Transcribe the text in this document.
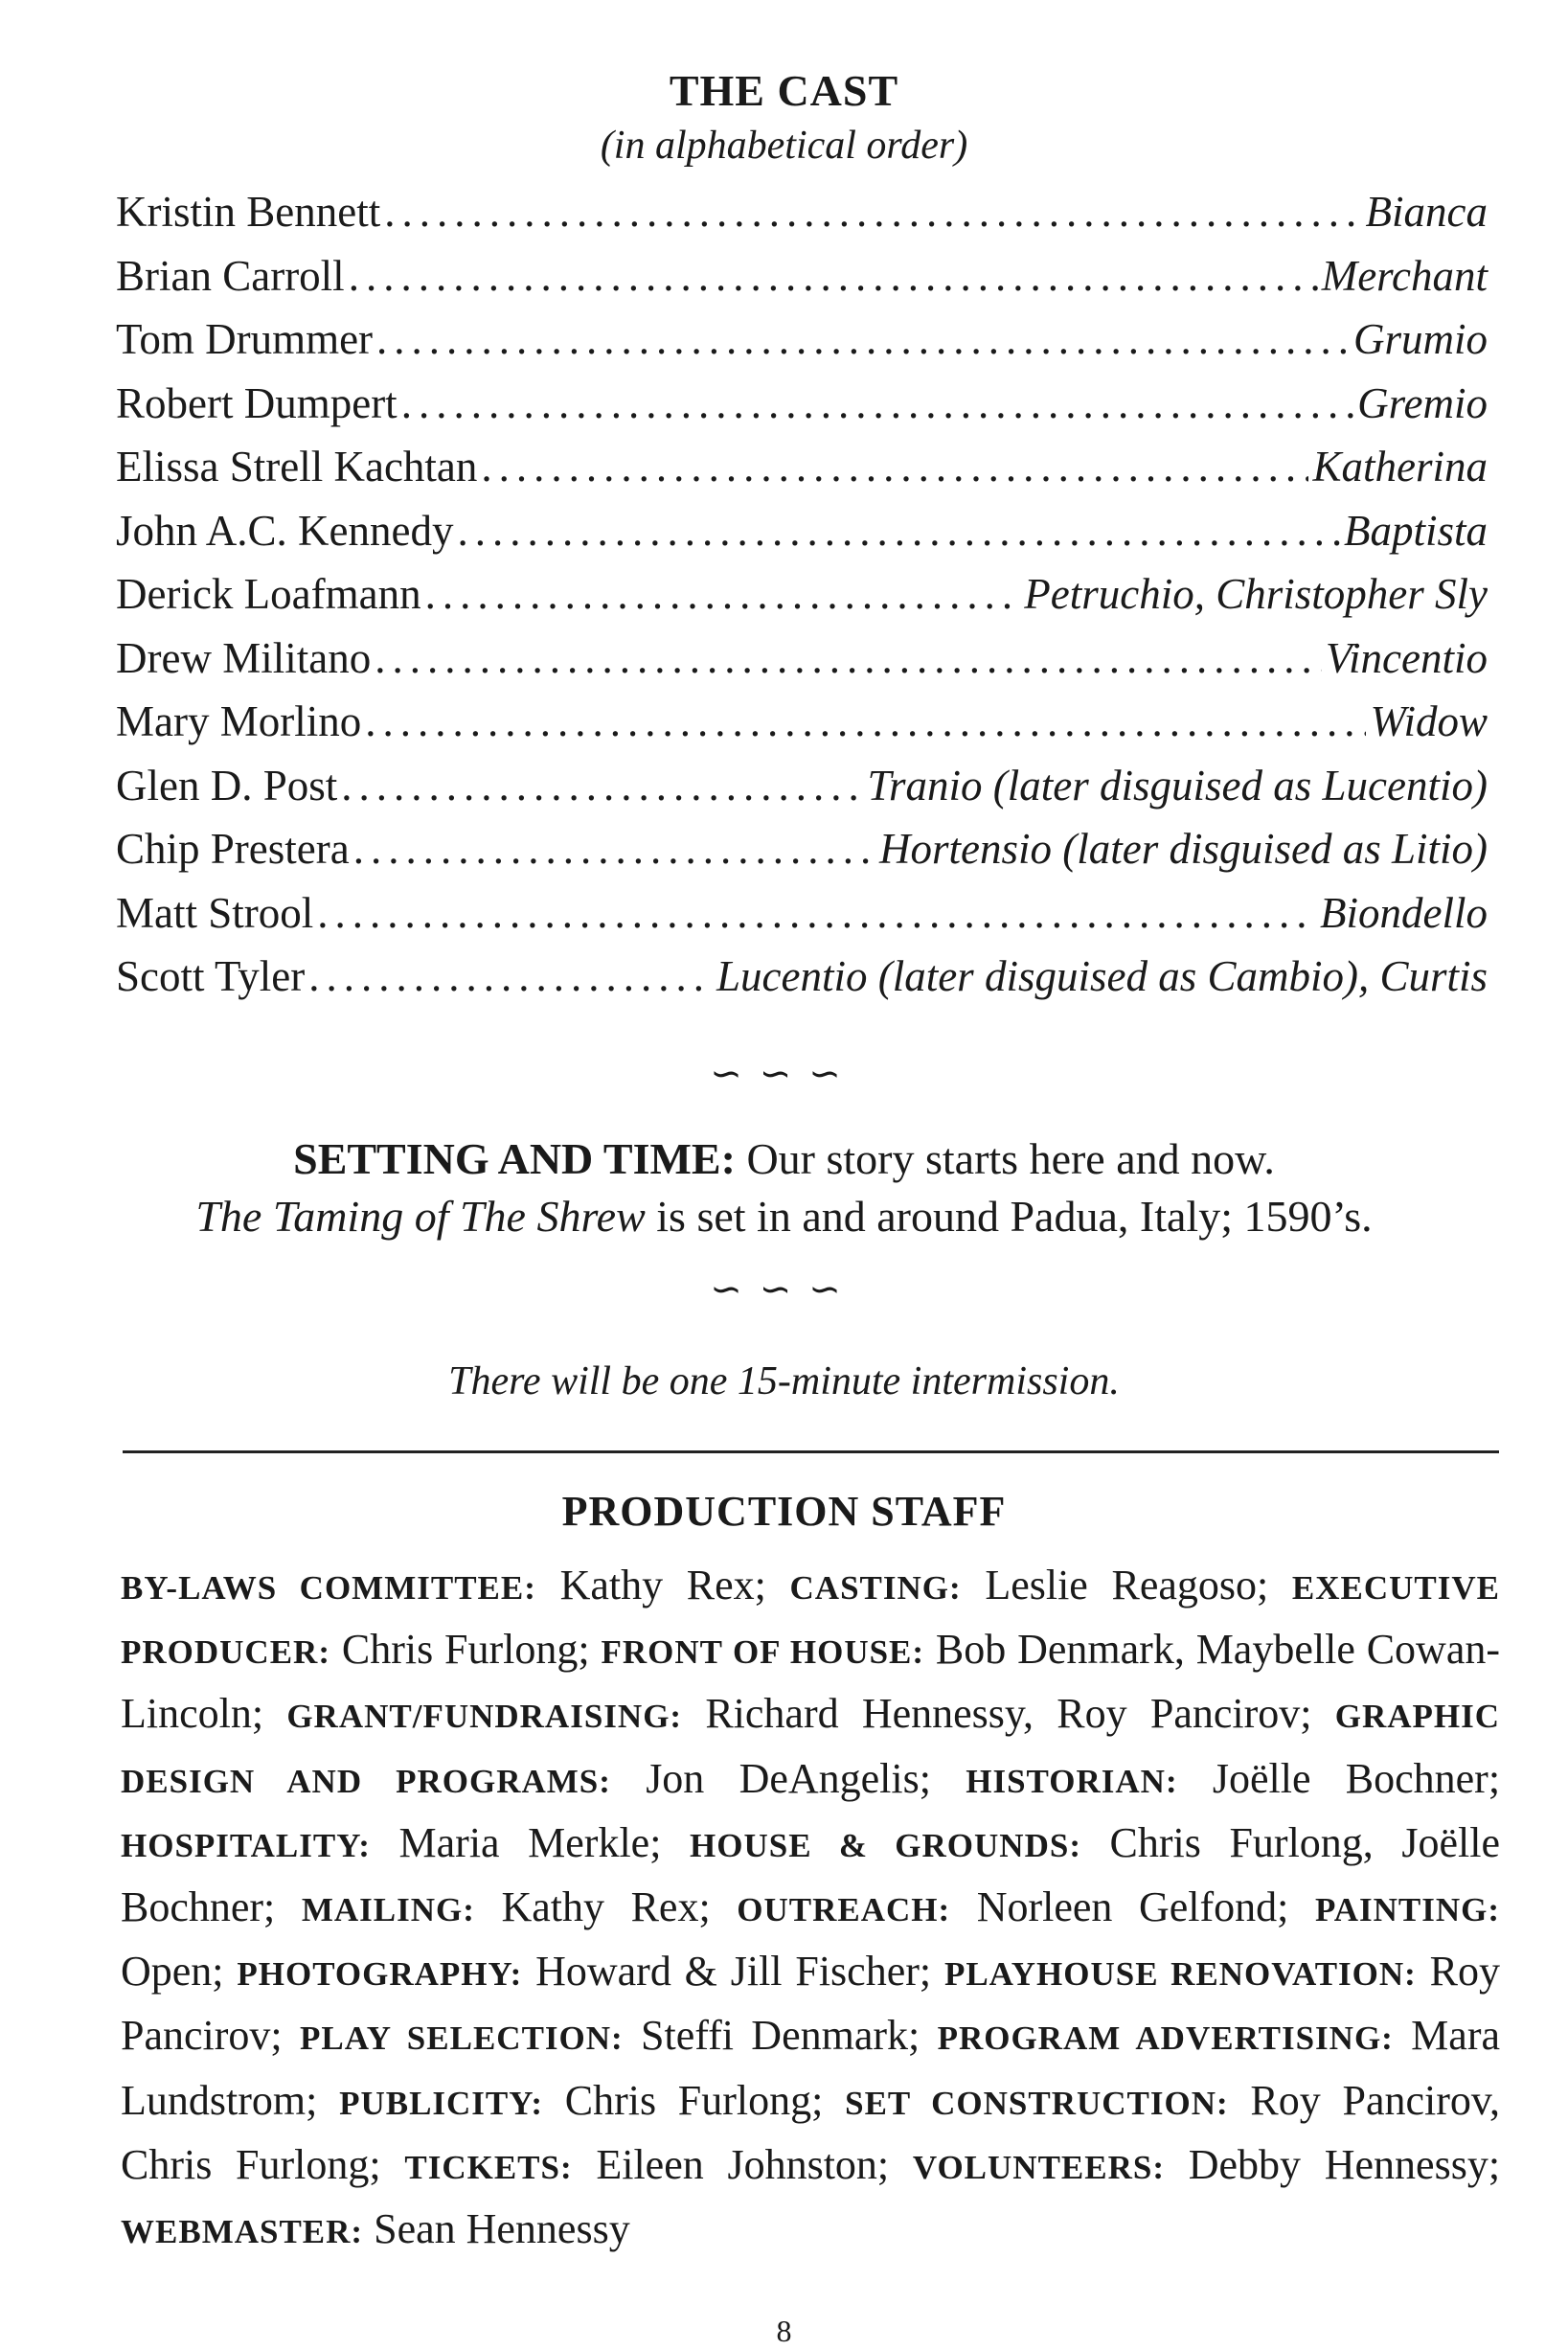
THE CAST
(in alphabetical order)
Kristin Bennett .....	Bianca
Brian Carroll .....	Merchant
Tom Drummer .....	Grumio
Robert Dumpert .....	Gremio
Elissa Strell Kachtan .....	Katherina
John A.C. Kennedy .....	Baptista
Derick Loafmann .....	Petruchio, Christopher Sly
Drew Militano .....	Vincentio
Mary Morlino .....	Widow
Glen D. Post .....	Tranio (later disguised as Lucentio)
Chip Prestera .....	Hortensio (later disguised as Litio)
Matt Strool .....	Biondello
Scott Tyler .....	Lucentio (later disguised as Cambio), Curtis
∽∽∽
SETTING AND TIME: Our story starts here and now.
The Taming of The Shrew is set in and around Padua, Italy; 1590’s.
∽∽∽
There will be one 15-minute intermission.
PRODUCTION STAFF
BY-LAWS COMMITTEE: Kathy Rex; CASTING: Leslie Reagoso; EXECUTIVE PRODUCER: Chris Furlong; FRONT OF HOUSE: Bob Denmark, Maybelle Cowan-Lincoln; GRANT/FUNDRAISING: Richard Hennessy, Roy Pancirov; GRAPHIC DESIGN AND PROGRAMS: Jon DeAngelis; HISTORIAN: Joëlle Bochner; HOSPITALITY: Maria Merkle; HOUSE & GROUNDS: Chris Furlong, Joëlle Bochner; MAILING: Kathy Rex; OUTREACH: Norleen Gelfond; PAINTING: Open; PHOTOGRAPHY: Howard & Jill Fischer; PLAYHOUSE RENOVATION: Roy Pancirov; PLAY SELECTION: Steffi Denmark; PROGRAM ADVERTISING: Mara Lundstrom; PUBLICITY: Chris Furlong; SET CONSTRUCTION: Roy Pancirov, Chris Furlong; TICKETS: Eileen Johnston; VOLUNTEERS: Debby Hennessy; WEBMASTER: Sean Hennessy
8
